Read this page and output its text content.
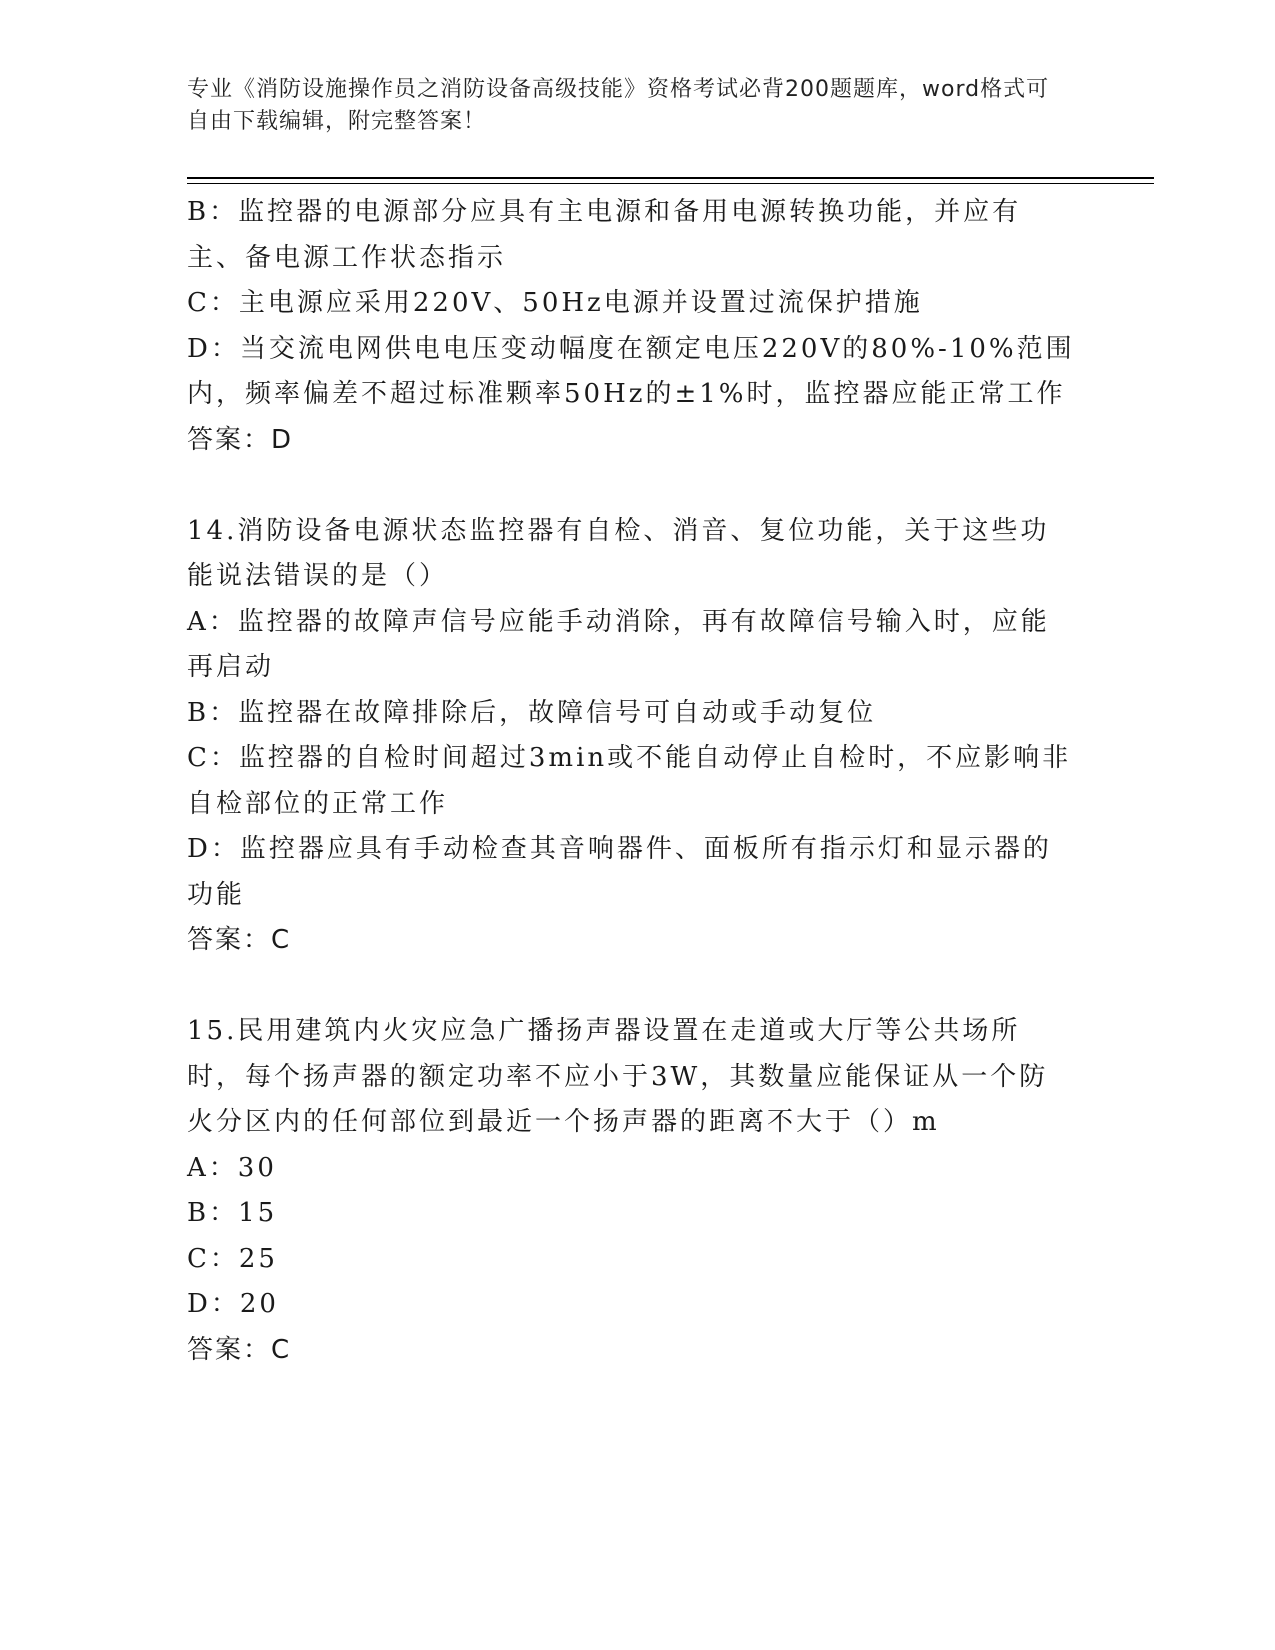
专业《消防设施操作员之消防设备高级技能》资格考试必背200题题库，word格式可自由下载编辑，附完整答案！
B：监控器的电源部分应具有主电源和备用电源转换功能，并应有主、备电源工作状态指示
C：主电源应采用220V、50Hz电源并设置过流保护措施
D：当交流电网供电电压变动幅度在额定电压220V的80%-10%范围内，频率偏差不超过标准颗率50Hz的±1%时，监控器应能正常工作
答案：D
14.消防设备电源状态监控器有自检、消音、复位功能，关于这些功能说法错误的是（）
A：监控器的故障声信号应能手动消除，再有故障信号输入时，应能再启动
B：监控器在故障排除后，故障信号可自动或手动复位
C：监控器的自检时间超过3min或不能自动停止自检时，不应影响非自检部位的正常工作
D：监控器应具有手动检查其音响器件、面板所有指示灯和显示器的功能
答案：C
15.民用建筑内火灾应急广播扬声器设置在走道或大厅等公共场所时，每个扬声器的额定功率不应小于3W，其数量应能保证从一个防火分区内的任何部位到最近一个扬声器的距离不大于（）m
A：30
B：15
C：25
D：20
答案：C
